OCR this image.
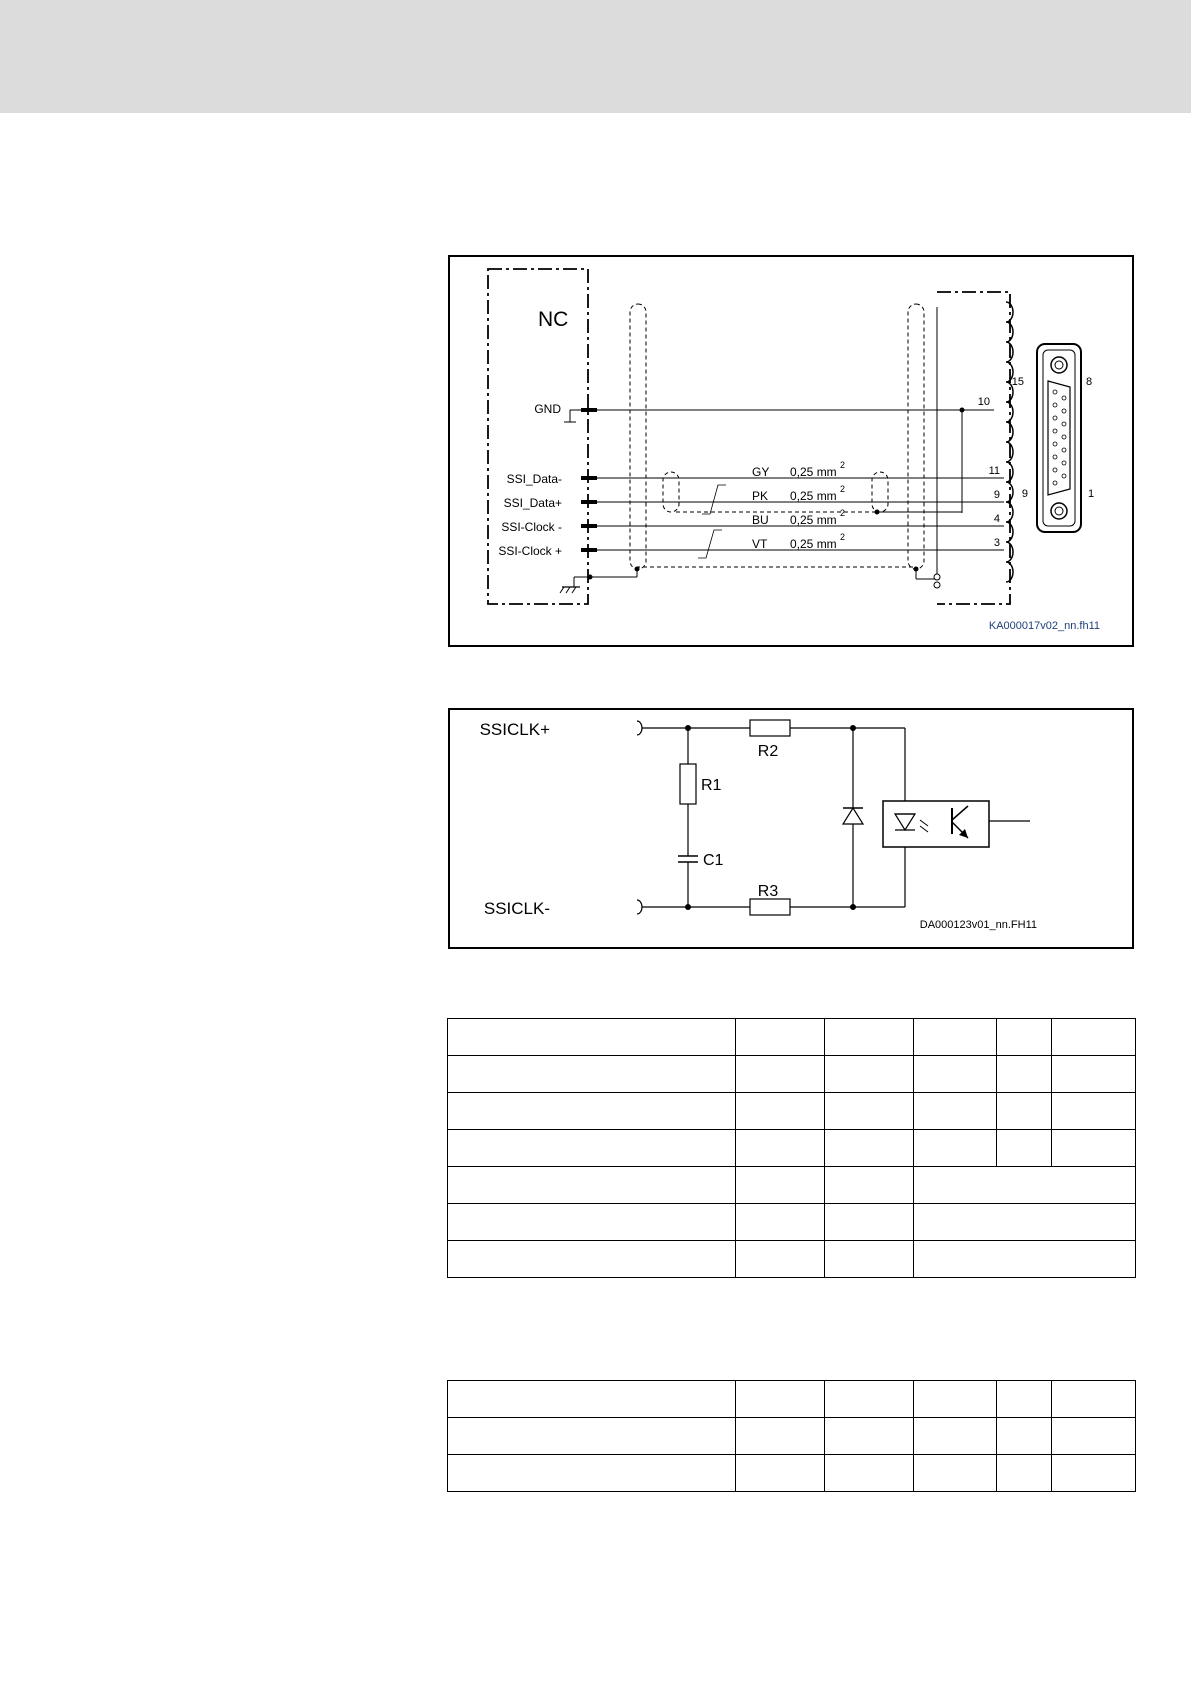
NC
GND	10
SSI_Data-
SSI_Data+
SSI-Clock -
SSI-Clock +
GY 0,25 mm 2
PK 0,25 mm 2
BU 0,25 mm 2
VT 0,25 mm 2
11
9
4
3
15	8
9	1
KA000017v02_nn.fh11
SSICLK+
SSICLK-
R2
R3
R1
C1
DA000123v01_nn.FH11
